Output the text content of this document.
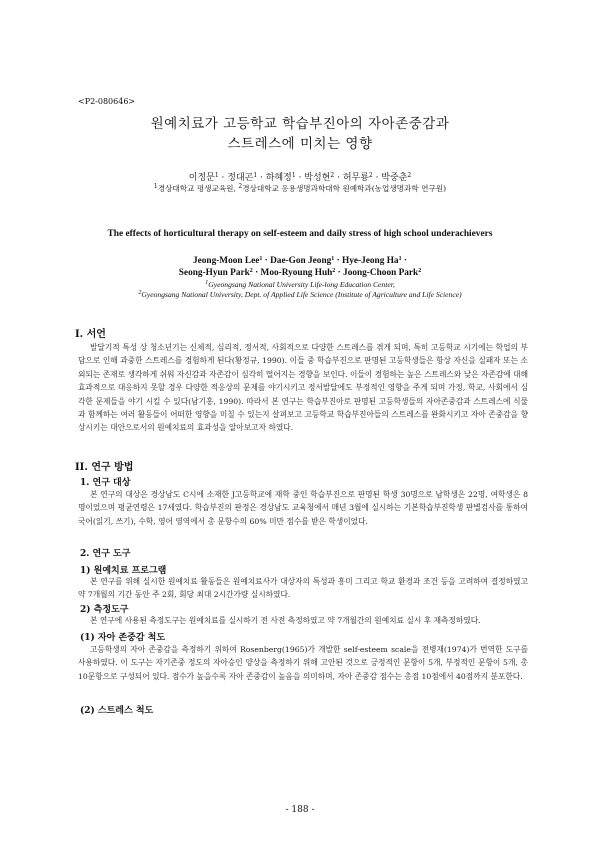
<P2-080646>
원예치료가 고등학교 학습부진아의 자아존중감과
스트레스에 미치는 영향
이정문$^1$ · 정대곤$^1$ · 하혜정$^1$ · 박성현$^2$ · 허무룡$^2$ · 박중춘$^2$
$^1$경상대학교 평생교육원, $^2$경상대학교 응용생명과학대학 원예학과(농업생명과학 연구원)
The effects of horticultural therapy on self-esteem and daily stress of high school underachievers
Jeong-Moon Lee$^1$ · Dae-Gon Jeong$^1$ · Hye-Jeong $Ha^1$ ·
Seong-Hyun Park$^2$ · Moo-Ryoung Huh$^2$ · Joong-Choon Park$^2$
$^1$Gyeongsang National University Life-long Education Center,
$^2$Gyeongsang National University, Dept. of Applied Life Science (Institute of Agriculture and Life Science)
I. 서언

발달기적 특성 상 청소년기는 신체적, 심리적, 정서적, 사회적으로 다양한 스트레스를 겪게 되며, 특히 고등학교 시기에는 학업의 부담으로 인해 과중한 스트레스를 경험하게 된다(황정규, 1990). 이들 중 학습부진으로 판명된 고등학생들은 항상 자신을 실패자 또는 소외되는 존재로 생각하게 쉬워 자신감과 자존감이 심각히 떨어지는 경향을 보인다. 이들이 경험하는 높은 스트레스와 낮은 자존감에 대해 효과적으로 대응하지 못할 경우 다양한 적응상의 문제를 야기시키고 정서발달에도 부정적인 영향을 주게 되며 가정, 학교, 사회에서 심각한 문제들을 야기 시킬 수 있다(남기홍, 1990). 따라서 본 연구는 학습부진아로 판명된 고등학생들의 자아존중감과 스트레스에 식물과 함께하는 여러 활동들이 어떠한 영향을 미칠 수 있는지 살펴보고 고등학교 학습부진아들의 스트레스를 완화시키고 자아 존중감을 향상시키는 대안으로서의 원예치료의 효과성을 알아보고자 하였다.

II. 연구 방법
1. 연구 대상

본 연구의 대상은 경상남도 C시에 소재한 J고등학교에 재학 중인 학습부진으로 판명된 학생 30명으로 남학생은 22명, 여학생은 8명이었으며 평균연령은 17세였다. 학습부진의 판정은 경상남도 교육청에서 매년 3월에 실시하는 기본학습부진학생 판별검사를 통하여 국어(읽기, 쓰기), 수학, 영어 영역에서 총 문항수의 60% 미만 점수를 받은 학생이었다.

2. 연구 도구
1) 원예치료 프로그램

본 연구를 위해 실시한 원예치료 활동들은 원예치료사가 대상자의 특성과 흥미 그리고 학교 환경과 조건 등을 고려하여 결정하였고 약 7개월의 기간 동안 주 2회, 회당 최대 2시간가량 실시하였다.

2) 측정도구

본 연구에 사용된 측정도구는 원예치료를 실시하기 전 사전 측정하였고 약 7개월간의 원예치료 실시 후 재측정하였다.

(1) 자아 존중감 척도

고등학생의 자아 존중감을 측정하기 위하여 Rosenberg(1965)가 개발한 self-esteem scale을 전병재(1974)가 번역한 도구를 사용하였다. 이 도구는 자기존중 정도의 자아승인 양상을 측정하기 위해 고안된 것으로 긍정적인 문항이 5개, 부정적인 문항이 5개, 총 10문항으로 구성되어 있다. 점수가 높을수록 자아 존중감이 높음을 의미하며, 자아 존중감 점수는 총점 10점에서 40점까지 분포한다.

(2) 스트레스 척도
- 188 -
